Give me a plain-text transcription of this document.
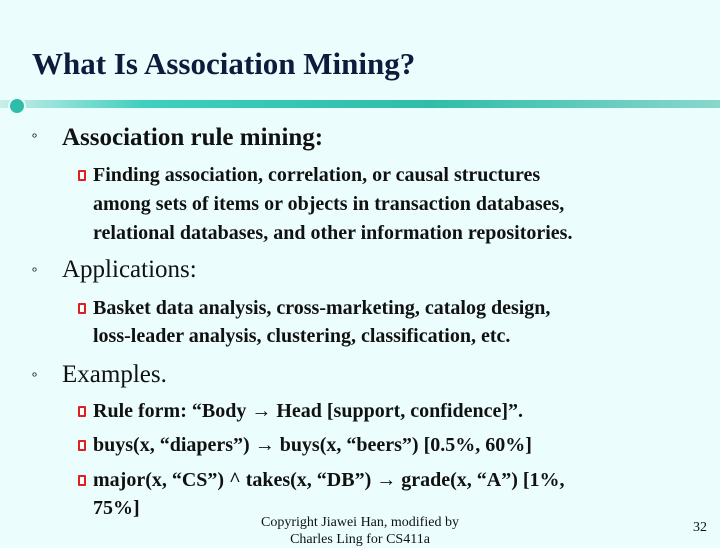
What Is Association Mining?
ᵒ Association rule mining:
Finding association, correlation, or causal structures
among sets of items or objects in transaction databases,
relational databases, and other information repositories.
ᵒ Applications:
Basket data analysis, cross-marketing, catalog design,
loss-leader analysis, clustering, classification, etc.
ᵒ Examples.
Rule form: “Body → Head [support, confidence]”.
buys(x, “diapers”) → buys(x, “beers”) [0.5%, 60%]
major(x, “CS”) ^ takes(x, “DB”) → grade(x, “A”) [1%,
75%]
Copyright Jiawei Han, modified by
Charles Ling for CS411a
32
